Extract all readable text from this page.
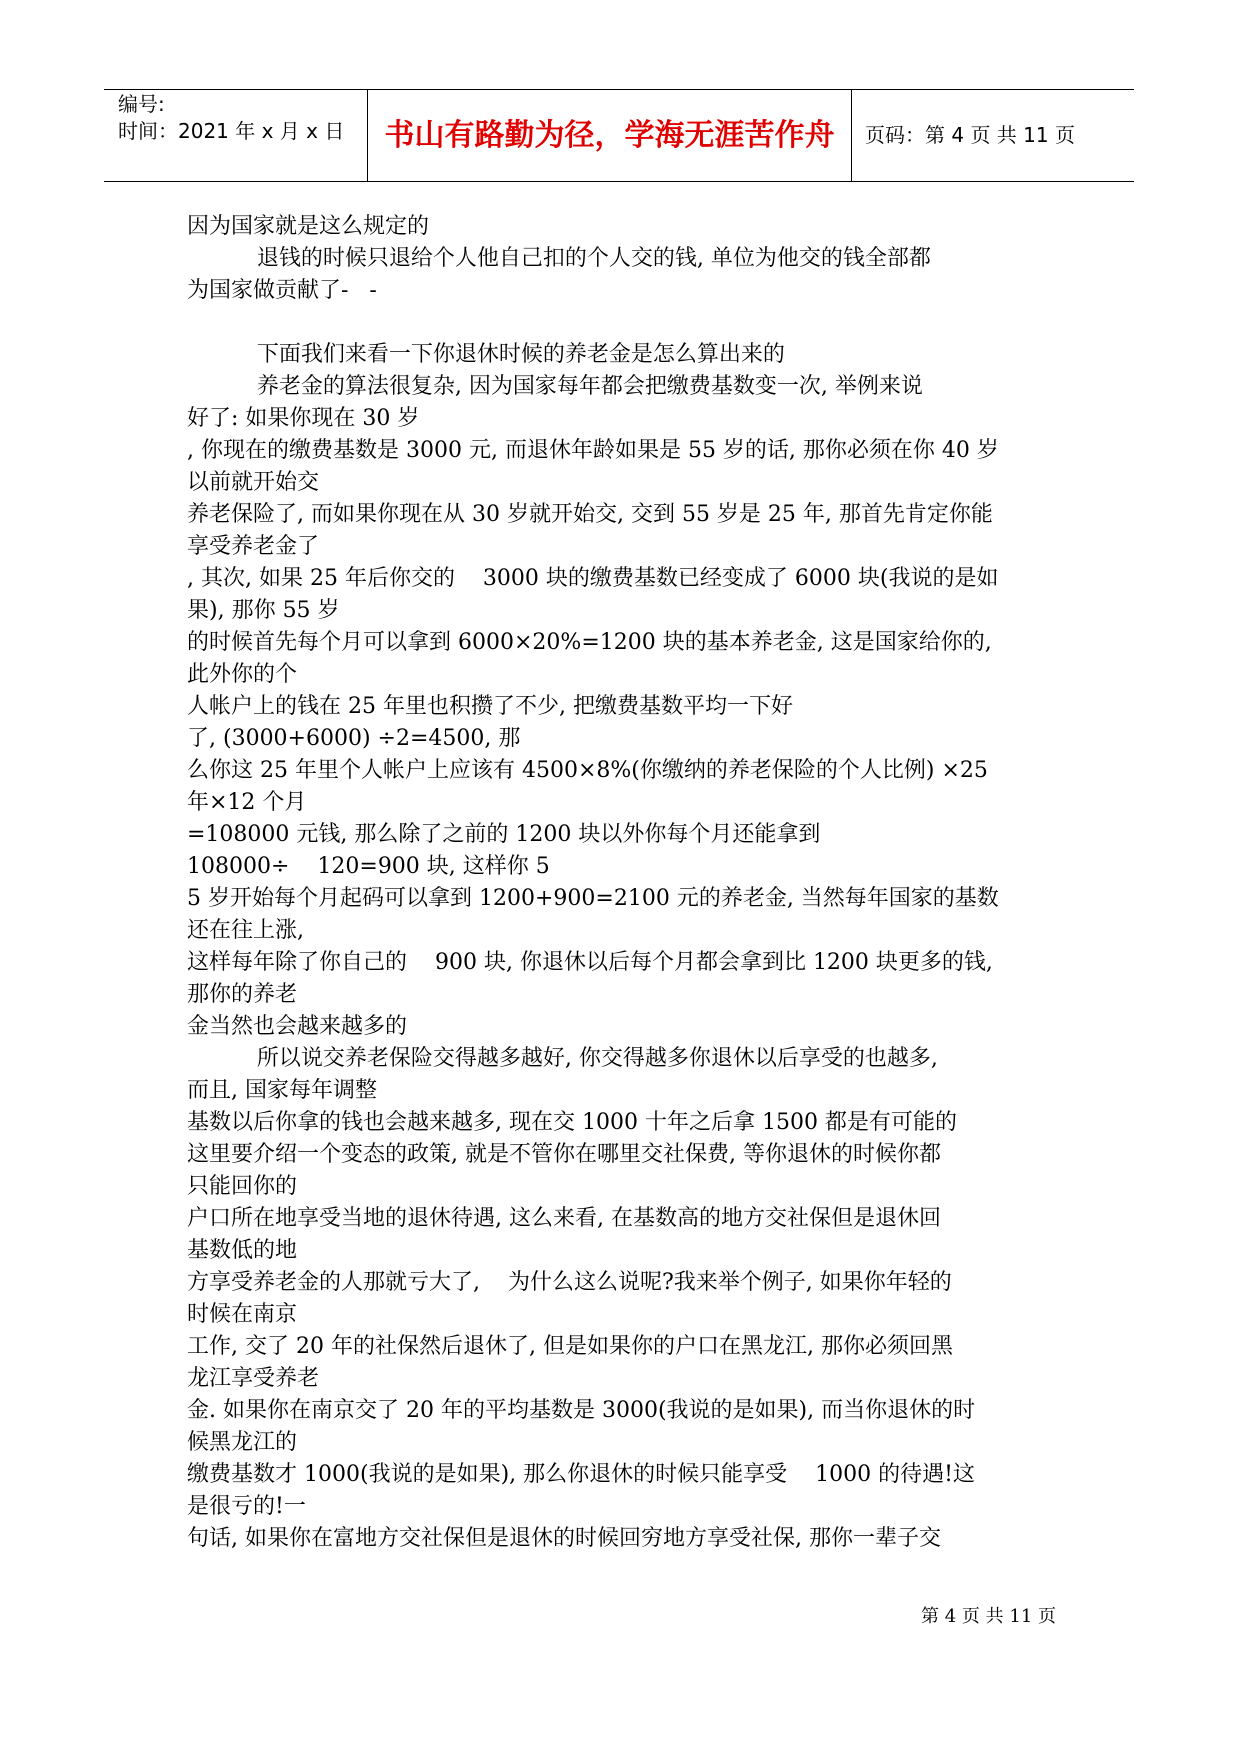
编号:
时间：2021 年 x 月 x 日	书山有路勤为径，学海无涯苦作舟	页码：第 4 页 共 11 页
因为国家就是这么规定的
退钱的时候只退给个人他自己扣的个人交的钱, 单位为他交的钱全部都
为国家做贡献了-   -
下面我们来看一下你退休时候的养老金是怎么算出来的
养老金的算法很复杂, 因为国家每年都会把缴费基数变一次, 举例来说
好了: 如果你现在 30 岁
, 你现在的缴费基数是 3000 元, 而退休年龄如果是 55 岁的话, 那你必须在你 40 岁
以前就开始交
养老保险了, 而如果你现在从 30 岁就开始交, 交到 55 岁是 25 年, 那首先肯定你能
享受养老金了
, 其次, 如果 25 年后你交的    3000 块的缴费基数已经变成了 6000 块(我说的是如
果), 那你 55 岁
的时候首先每个月可以拿到 6000×20%=1200 块的基本养老金, 这是国家给你的,
此外你的个
人帐户上的钱在 25 年里也积攒了不少, 把缴费基数平均一下好
了, (3000+6000) ÷2=4500, 那
么你这 25 年里个人帐户上应该有 4500×8%(你缴纳的养老保险的个人比例) ×25
年×12 个月
=108000 元钱, 那么除了之前的 1200 块以外你每个月还能拿到
108000÷    120=900 块, 这样你 5
5 岁开始每个月起码可以拿到 1200+900=2100 元的养老金, 当然每年国家的基数
还在往上涨,
这样每年除了你自己的    900 块, 你退休以后每个月都会拿到比 1200 块更多的钱,
那你的养老
金当然也会越来越多的
所以说交养老保险交得越多越好, 你交得越多你退休以后享受的也越多,
而且, 国家每年调整
基数以后你拿的钱也会越来越多, 现在交 1000 十年之后拿 1500 都是有可能的
这里要介绍一个变态的政策, 就是不管你在哪里交社保费, 等你退休的时候你都
只能回你的
户口所在地享受当地的退休待遇, 这么来看, 在基数高的地方交社保但是退休回
基数低的地
方享受养老金的人那就亏大了,    为什么这么说呢?我来举个例子, 如果你年轻的
时候在南京
工作, 交了 20 年的社保然后退休了, 但是如果你的户口在黑龙江, 那你必须回黑
龙江享受养老
金. 如果你在南京交了 20 年的平均基数是 3000(我说的是如果), 而当你退休的时
候黑龙江的
缴费基数才 1000(我说的是如果), 那么你退休的时候只能享受    1000 的待遇!这
是很亏的!一
句话, 如果你在富地方交社保但是退休的时候回穷地方享受社保, 那你一辈子交
第 4 页 共 11 页
